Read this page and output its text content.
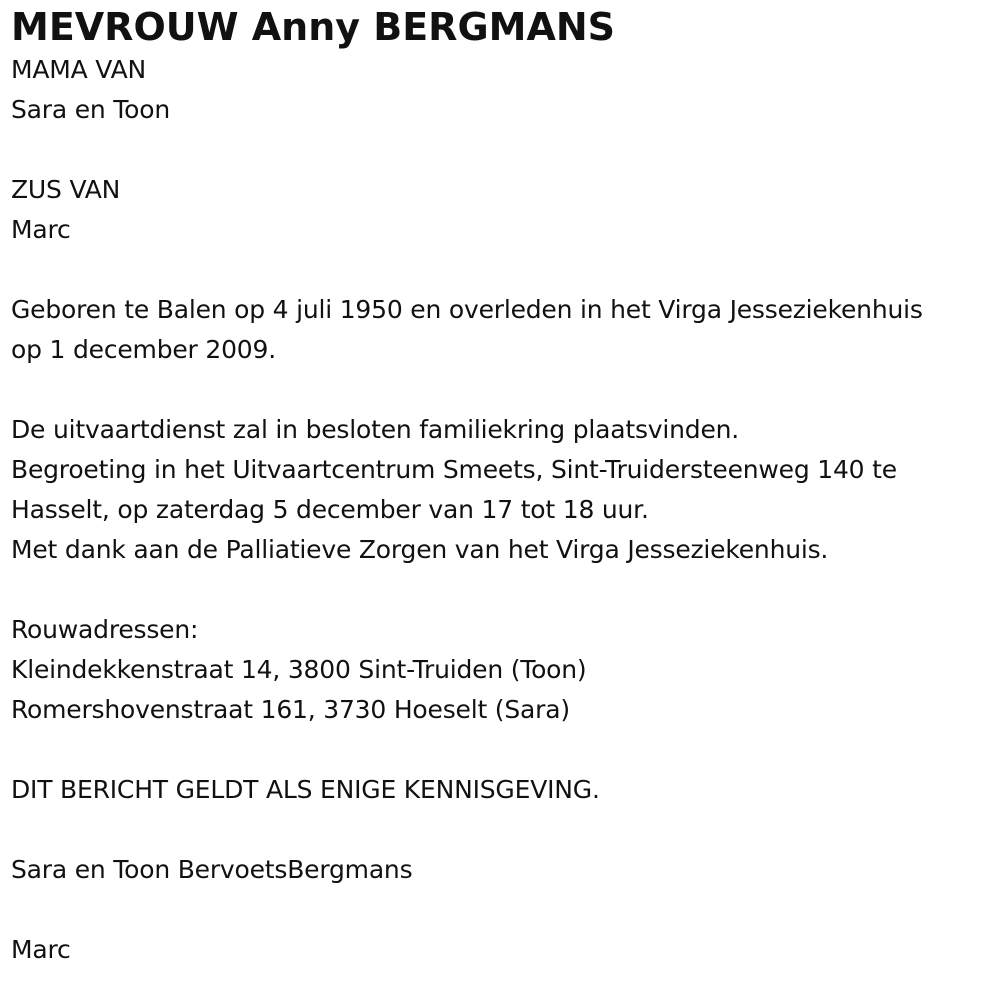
MEVROUW Anny BERGMANS
MAMA VAN
Sara en Toon
ZUS VAN
Marc
Geboren te Balen op 4 juli 1950 en overleden in het Virga Jesseziekenhuis
op 1 december 2009.
De uitvaartdienst zal in besloten familiekring plaatsvinden.
Begroeting in het Uitvaartcentrum Smeets, Sint-Truidersteenweg 140 te
Hasselt, op zaterdag 5 december van 17 tot 18 uur.
Met dank aan de Palliatieve Zorgen van het Virga Jesseziekenhuis.
Rouwadressen:
Kleindekkenstraat 14, 3800 Sint-Truiden (Toon)
Romershovenstraat 161, 3730 Hoeselt (Sara)
DIT BERICHT GELDT ALS ENIGE KENNISGEVING.
Sara en Toon BervoetsBergmans
Marc
